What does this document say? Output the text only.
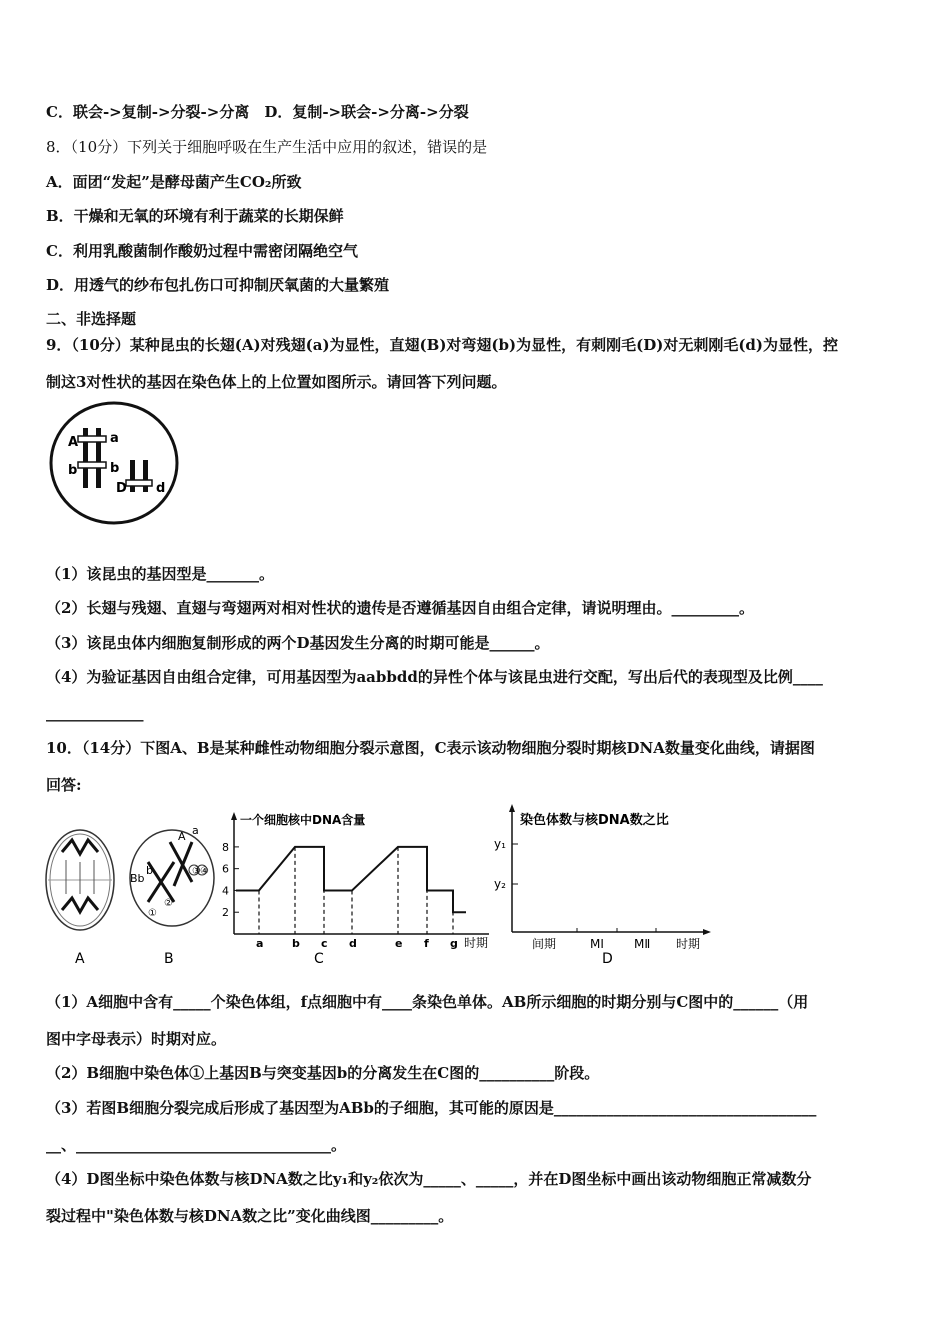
C．联会->复制->分裂->分离　D．复制->联会->分离->分裂
8．（10分）下列关于细胞呼吸在生产生活中应用的叙述，错误的是
A．面团“发起”是酵母菌产生CO₂所致
B．干燥和无氧的环境有利于蔬菜的长期保鲜
C．利用乳酸菌制作酸奶过程中需密闭隔绝空气
D．用透气的纱布包扎伤口可抑制厌氧菌的大量繁殖
二、非选择题
9．（10分）某种昆虫的长翅(A)对残翅(a)为显性，直翅(B)对弯翅(b)为显性，有刺刚毛(D)对无刺刚毛(d)为显性，控
制这3对性状的基因在染色体上的上位置如图所示。请回答下列问题。
A a
b	b
D d
（1）该昆虫的基因型是_______。
（2）长翅与残翅、直翅与弯翅两对相对性状的遗传是否遵循基因自由组合定律，请说明理由。_________。
（3）该昆虫体内细胞复制形成的两个D基因发生分离的时期可能是______。
（4）为验证基因自由组合定律，可用基因型为aabbdd的异性个体与该昆虫进行交配，写出后代的表现型及比例____
_____________
10．（14分）下图A、B是某种雌性动物细胞分裂示意图，C表示该动物细胞分裂时期核DNA数量变化曲线，请据图
回答:
A
A a
Bb
b
①
②
③ ④
B
一个细胞核中DNA含量
2
4
6
8
a	b c d	e f g 时期
C
染色体数与核DNA数之比
y₁
y₂
间期	MⅠ	MⅡ 时期
D
（1）A细胞中含有_____个染色体组，f点细胞中有____条染色单体。AB所示细胞的时期分别与C图中的______（用
图中字母表示）时期对应。
（2）B细胞中染色体①上基因B与突变基因b的分离发生在C图的__________阶段。
（3）若图B细胞分裂完成后形成了基因型为ABb的子细胞，其可能的原因是___________________________________
__、__________________________________。
（4）D图坐标中染色体数与核DNA数之比y₁和y₂依次为_____、_____，并在D图坐标中画出该动物细胞正常减数分
裂过程中"染色体数与核DNA数之比”变化曲线图_________。
